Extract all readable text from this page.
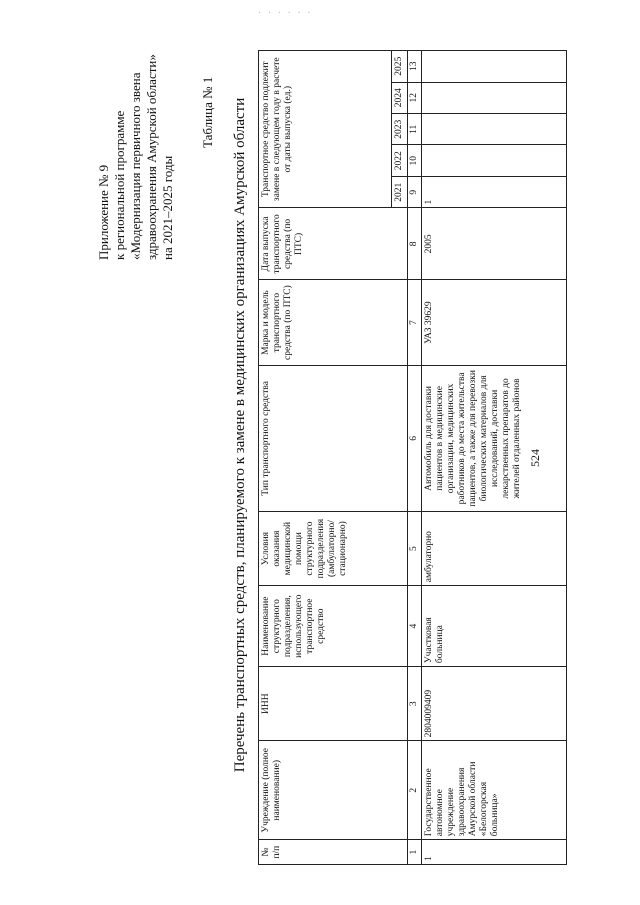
· · · · · ·
524
Приложение № 9 к региональной программе «Модернизация первичного звена здравоохранения Амурской области» на 2021–2025 годы
Таблица № 1 Перечень транспортных средств, планируемого к замене в медицинских организациях Амурской области
№ п/п	Учреждение (полное наименование)	ИНН	Наименование структурного подразделения, использующего транспортное средство	Условия оказания медицинской помощи структурного подразделения (амбулаторно/ стационарно)	Тип транспортного средства	Марка и модель транспортного средства (по ПТС)	Дата выпуска транспортного средства (по ПТС)	Транспортное средство подлежит замене в следующем году в расчете от даты выпуска (ед.)				
								2021	2022	2023	2024	2025
1	2	3	4	5	6	7	8	9	10	11	12	13
1	Государственное автономное учреждение здравоохранения Амурской области «Белогорская больница»	2804009409	Участковая больница	амбулаторно	Автомобиль для доставки пациентов в медицинские организации, медицинских работников до места жительства пациентов, а также для перевозки биологических материалов для исследований, доставки лекарственных препаратов до жителей отдаленных районов	УАЗ 39629	2005	1				
